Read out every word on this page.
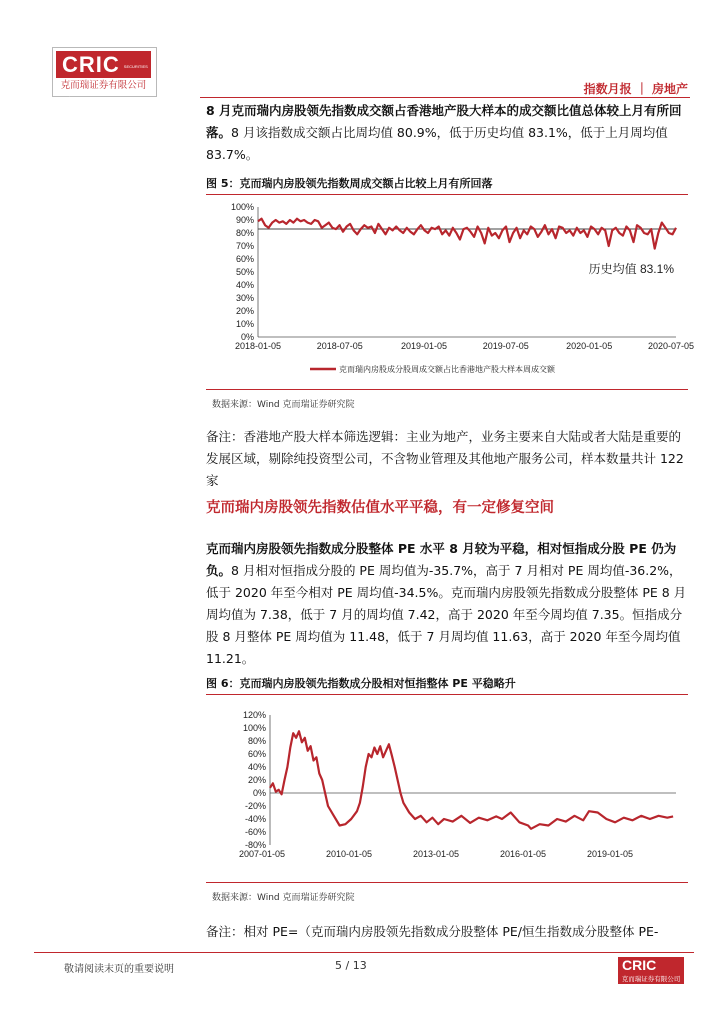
CRIC SECURITIES CO.,LTD
克而瑞证券有限公司	指数月报 ｜ 房地产
8 月克而瑞内房股领先指数成交额占香港地产股大样本的成交额比值总体较上月有所回落。8 月该指数成交额占比周均值 80.9%，低于历史均值 83.1%，低于上月周均值 83.7%。
图 5：克而瑞内房股领先指数周成交额占比较上月有所回落
0%
10%
20%
30%
40%
50%
60%
70%
80%
90%
100%
2018-01-05	2018-07-05	2019-01-05	2019-07-05	2020-01-05	2020-07-05
历史均值 83.1%
克而瑞内房股成分股周成交额占比香港地产股大样本周成交额
数据来源：Wind 克而瑞证券研究院
备注：香港地产股大样本筛选逻辑：主业为地产，业务主要来自大陆或者大陆是重要的发展区域，剔除纯投资型公司，不含物业管理及其他地产服务公司，样本数量共计 122 家
克而瑞内房股领先指数估值水平平稳，有一定修复空间
克而瑞内房股领先指数成分股整体 PE 水平 8 月较为平稳，相对恒指成分股 PE 仍为负。8 月相对恒指成分股的 PE 周均值为-35.7%，高于 7 月相对 PE 周均值-36.2%，低于 2020 年至今相对 PE 周均值-34.5%。克而瑞内房股领先指数成分股整体 PE 8 月周均值为 7.38，低于 7 月的周均值 7.42，高于 2020 年至今周均值 7.35。恒指成分股 8 月整体 PE 周均值为 11.48，低于 7 月周均值 11.63，高于 2020 年至今周均值 11.21。
图 6：克而瑞内房股领先指数成分股相对恒指整体 PE 平稳略升
-80%
-60%
-40%
-20%
0%
20%
40%
60%
80%
100%
120%
2007-01-05	2010-01-05	2013-01-05	2016-01-05	2019-01-05
数据来源：Wind 克而瑞证券研究院
备注：相对 PE=（克而瑞内房股领先指数成分股整体 PE/恒生指数成分股整体 PE-
敬请阅读末页的重要说明	5 / 13	CRIC
克而瑞证券有限公司
